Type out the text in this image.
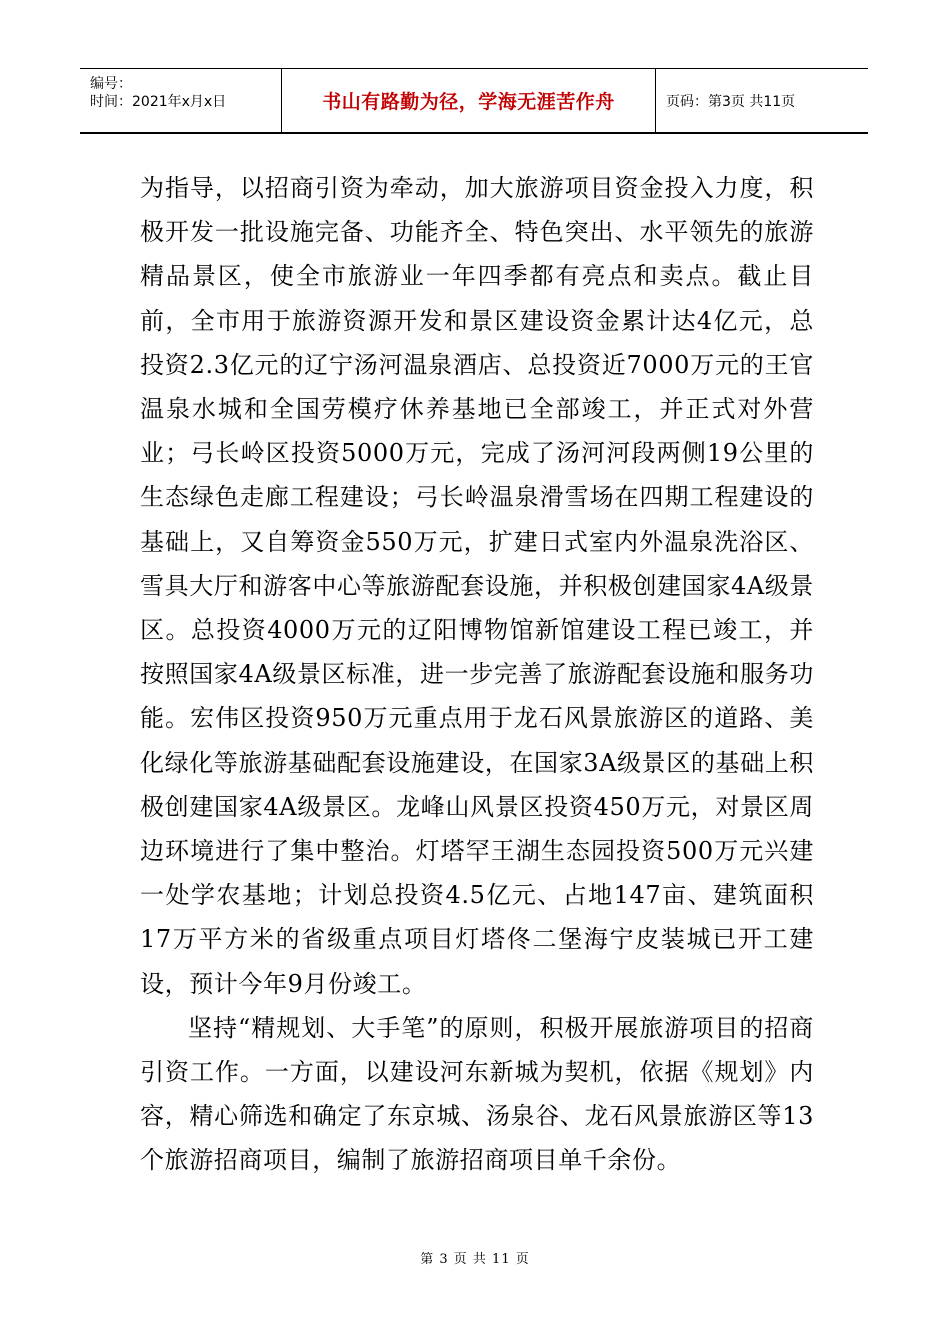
编号：
时间：2021年x月x日	书山有路勤为径，学海无涯苦作舟	页码：第3页 共11页

为指导，以招商引资为牵动，加大旅游项目资金投入力度，积极开发一批设施完备、功能齐全、特色突出、水平领先的旅游精品景区，使全市旅游业一年四季都有亮点和卖点。截止目前，全市用于旅游资源开发和景区建设资金累计达4亿元，总投资2.3亿元的辽宁汤河温泉酒店、总投资近7000万元的王官温泉水城和全国劳模疗休养基地已全部竣工，并正式对外营业；弓长岭区投资5000万元，完成了汤河河段两侧19公里的生态绿色走廊工程建设；弓长岭温泉滑雪场在四期工程建设的基础上，又自筹资金550万元，扩建日式室内外温泉洗浴区、雪具大厅和游客中心等旅游配套设施，并积极创建国家4A级景区。总投资4000万元的辽阳博物馆新馆建设工程已竣工，并按照国家4A级景区标准，进一步完善了旅游配套设施和服务功能。宏伟区投资950万元重点用于龙石风景旅游区的道路、美化绿化等旅游基础配套设施建设，在国家3A级景区的基础上积极创建国家4A级景区。龙峰山风景区投资450万元，对景区周边环境进行了集中整治。灯塔罕王湖生态园投资500万元兴建一处学农基地；计划总投资4.5亿元、占地147亩、建筑面积17万平方米的省级重点项目灯塔佟二堡海宁皮装城已开工建设，预计今年9月份竣工。

坚持“精规划、大手笔”的原则，积极开展旅游项目的招商引资工作。一方面，以建设河东新城为契机，依据《规划》内容，精心筛选和确定了东京城、汤泉谷、龙石风景旅游区等13个旅游招商项目，编制了旅游招商项目单千余份。

第 3 页 共 11 页
